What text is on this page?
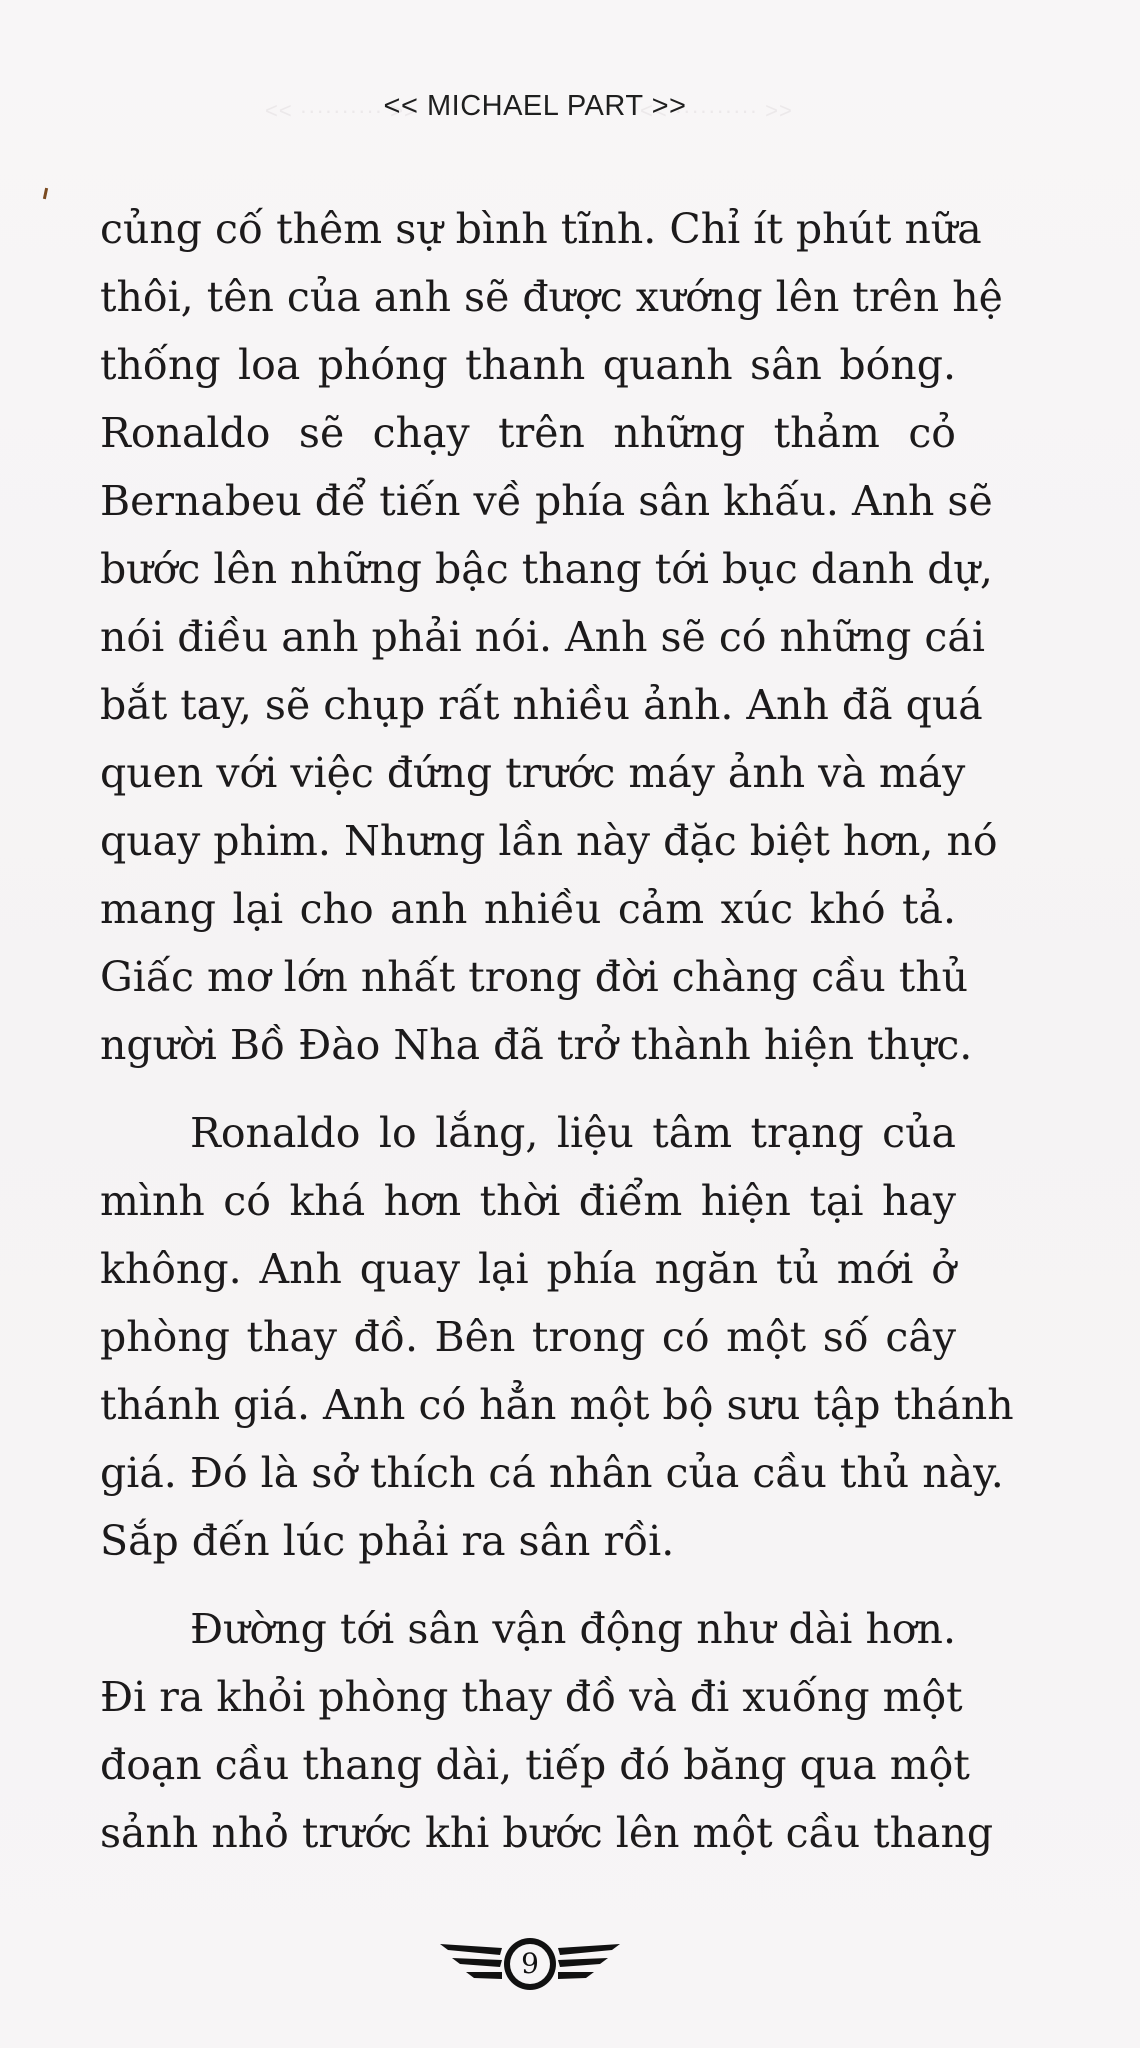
<< ·········· >>	<< ·········· >>
<< MICHAEL PART >>
củng cố thêm sự bình tĩnh. Chỉ ít phút nữa
thôi, tên của anh sẽ được xướng lên trên hệ
thống loa phóng thanh quanh sân bóng.
Ronaldo sẽ chạy trên những thảm cỏ
Bernabeu để tiến về phía sân khấu. Anh sẽ
bước lên những bậc thang tới bục danh dự,
nói điều anh phải nói. Anh sẽ có những cái
bắt tay, sẽ chụp rất nhiều ảnh. Anh đã quá
quen với việc đứng trước máy ảnh và máy
quay phim. Nhưng lần này đặc biệt hơn, nó
mang lại cho anh nhiều cảm xúc khó tả.
Giấc mơ lớn nhất trong đời chàng cầu thủ
người Bồ Đào Nha đã trở thành hiện thực.
Ronaldo lo lắng, liệu tâm trạng của
mình có khá hơn thời điểm hiện tại hay
không. Anh quay lại phía ngăn tủ mới ở
phòng thay đồ. Bên trong có một số cây
thánh giá. Anh có hẳn một bộ sưu tập thánh
giá. Đó là sở thích cá nhân của cầu thủ này.
Sắp đến lúc phải ra sân rồi.
Đường tới sân vận động như dài hơn.
Đi ra khỏi phòng thay đồ và đi xuống một
đoạn cầu thang dài, tiếp đó băng qua một
sảnh nhỏ trước khi bước lên một cầu thang
9
